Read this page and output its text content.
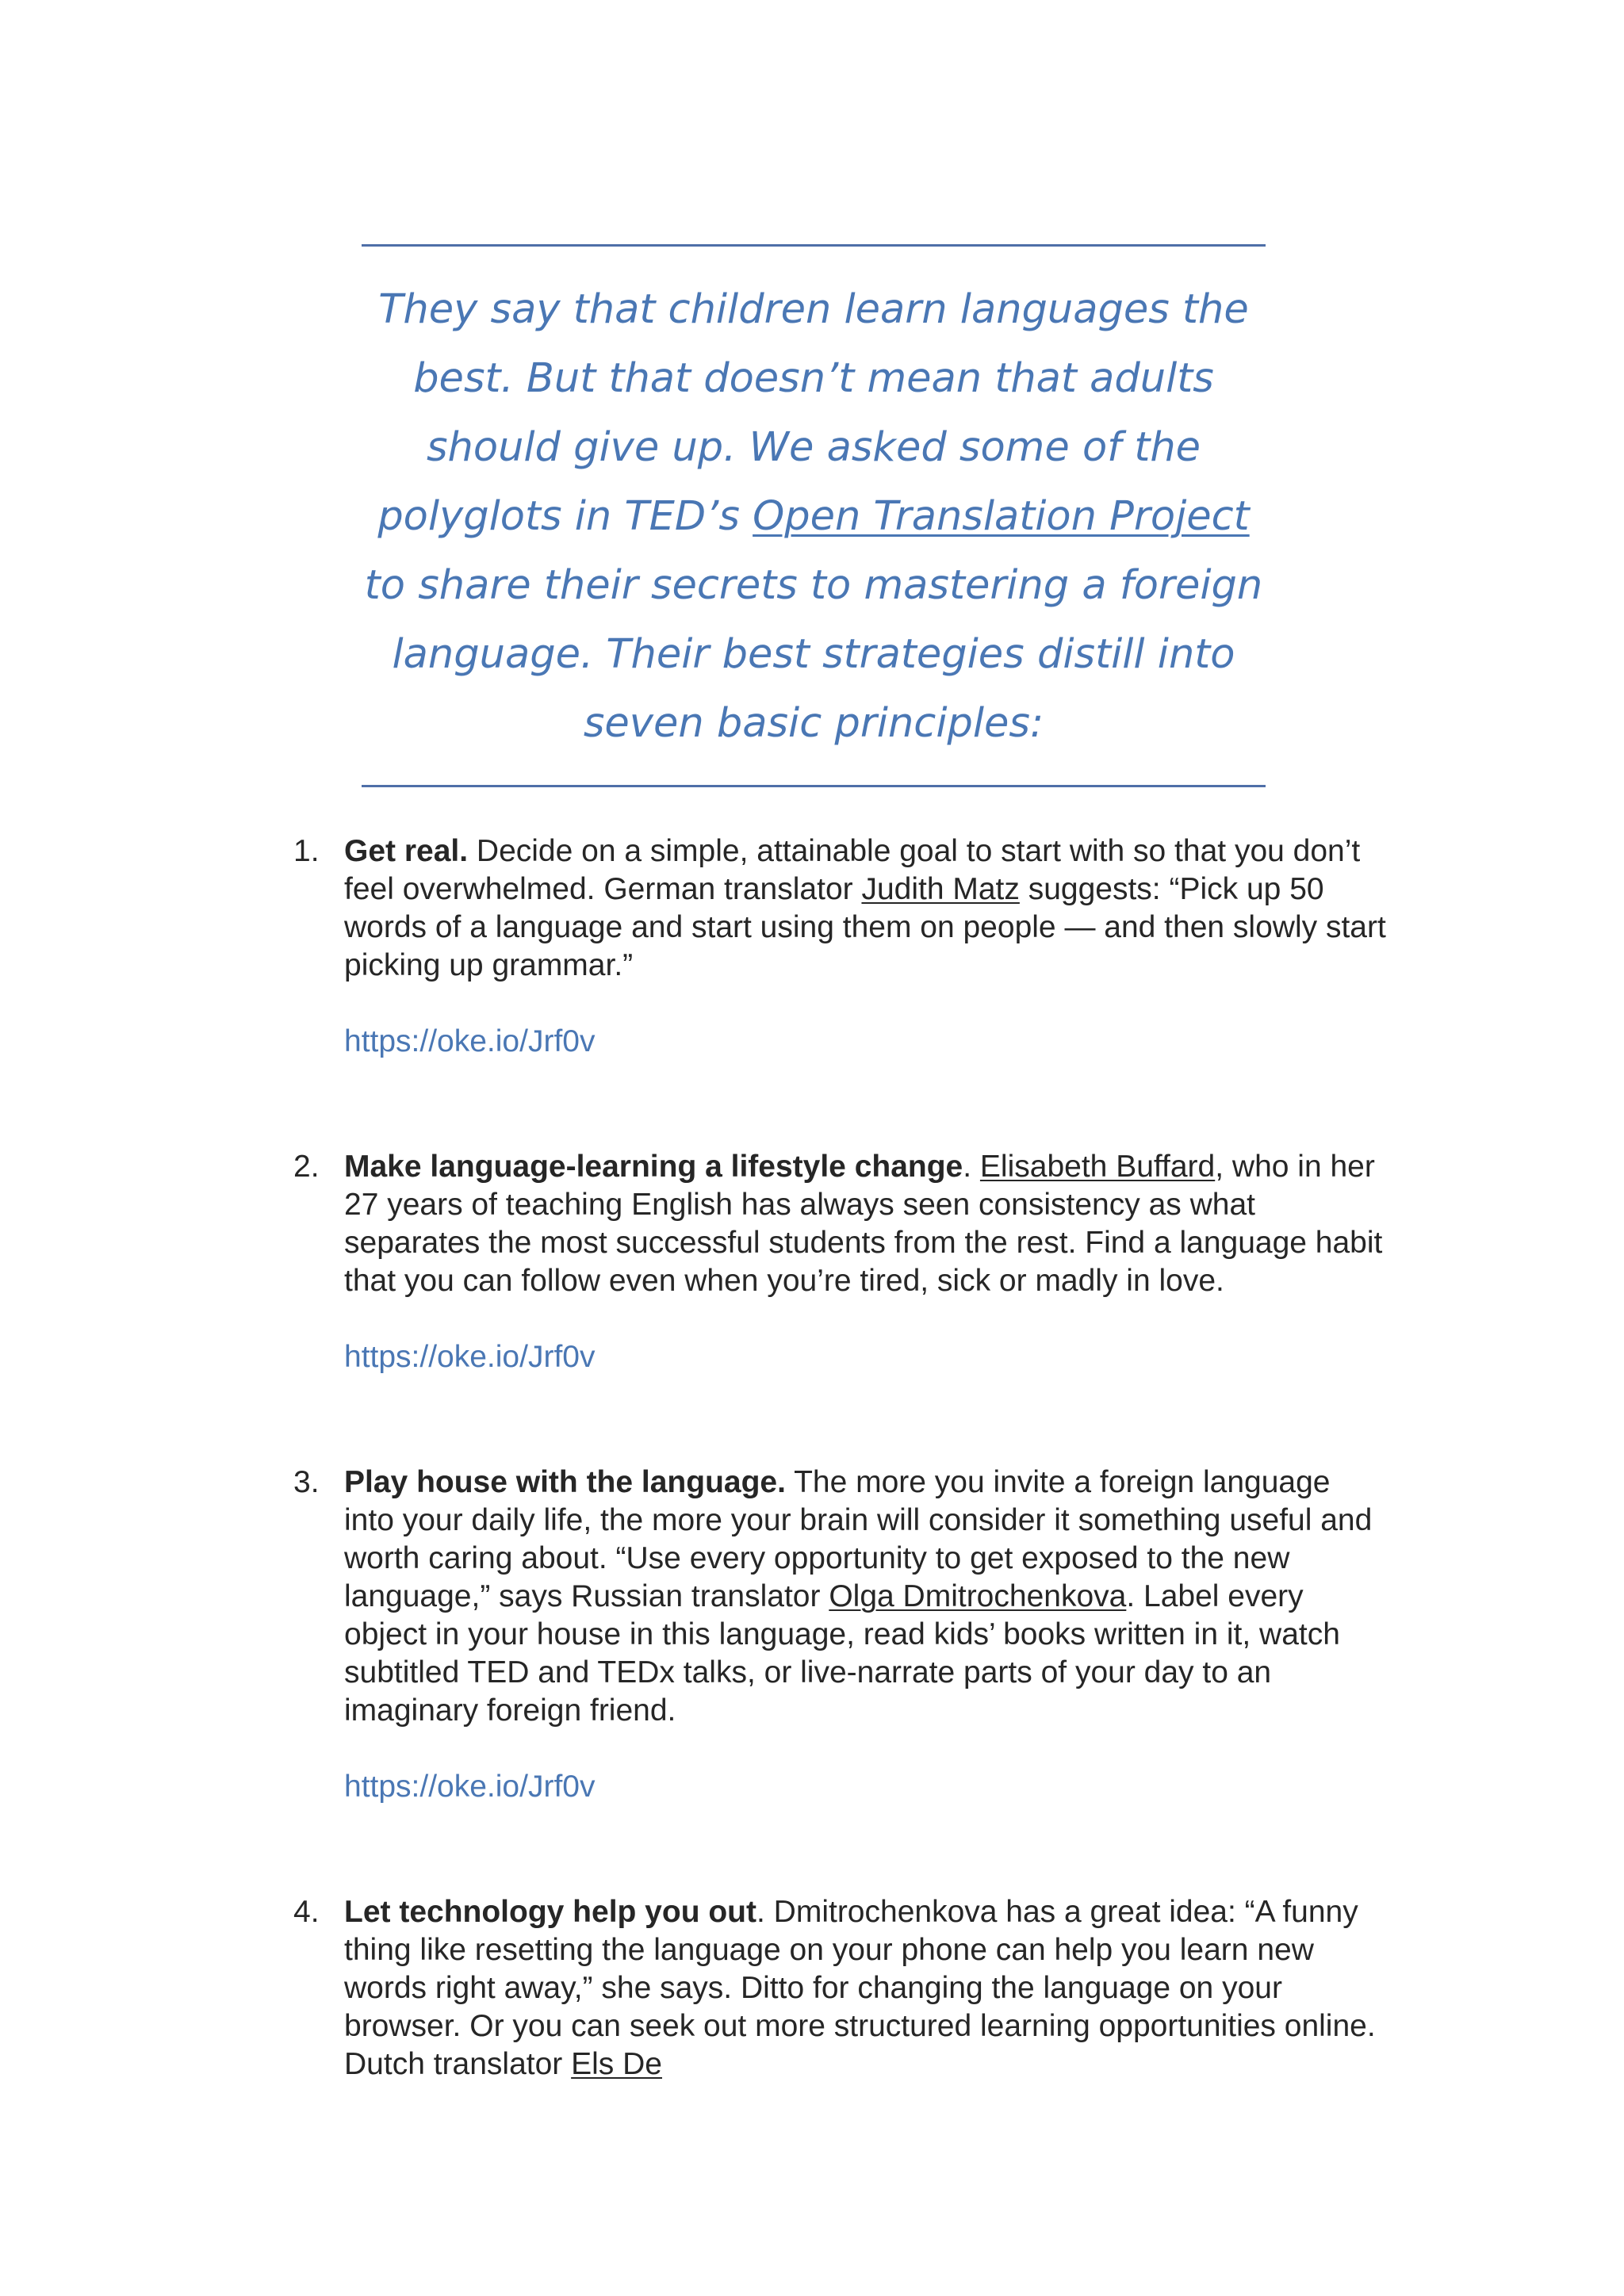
They say that children learn languages the best. But that doesn’t mean that adults should give up. We asked some of the polyglots in TED’s Open Translation Project to share their secrets to mastering a foreign language. Their best strategies distill into seven basic principles:

1. Get real. Decide on a simple, attainable goal to start with so that you don’t feel overwhelmed. German translator Judith Matz suggests: “Pick up 50 words of a language and start using them on people — and then slowly start picking up grammar.”
https://oke.io/Jrf0v
2. Make language-learning a lifestyle change. Elisabeth Buffard, who in her 27 years of teaching English has always seen consistency as what separates the most successful students from the rest. Find a language habit that you can follow even when you’re tired, sick or madly in love.
https://oke.io/Jrf0v
3. Play house with the language. The more you invite a foreign language into your daily life, the more your brain will consider it something useful and worth caring about. “Use every opportunity to get exposed to the new language,” says Russian translator Olga Dmitrochenkova. Label every object in your house in this language, read kids’ books written in it, watch subtitled TED and TEDx talks, or live-narrate parts of your day to an imaginary foreign friend.
https://oke.io/Jrf0v
4. Let technology help you out. Dmitrochenkova has a great idea: “A funny thing like resetting the language on your phone can help you learn new words right away,” she says. Ditto for changing the language on your browser. Or you can seek out more structured learning opportunities online. Dutch translator Els De
